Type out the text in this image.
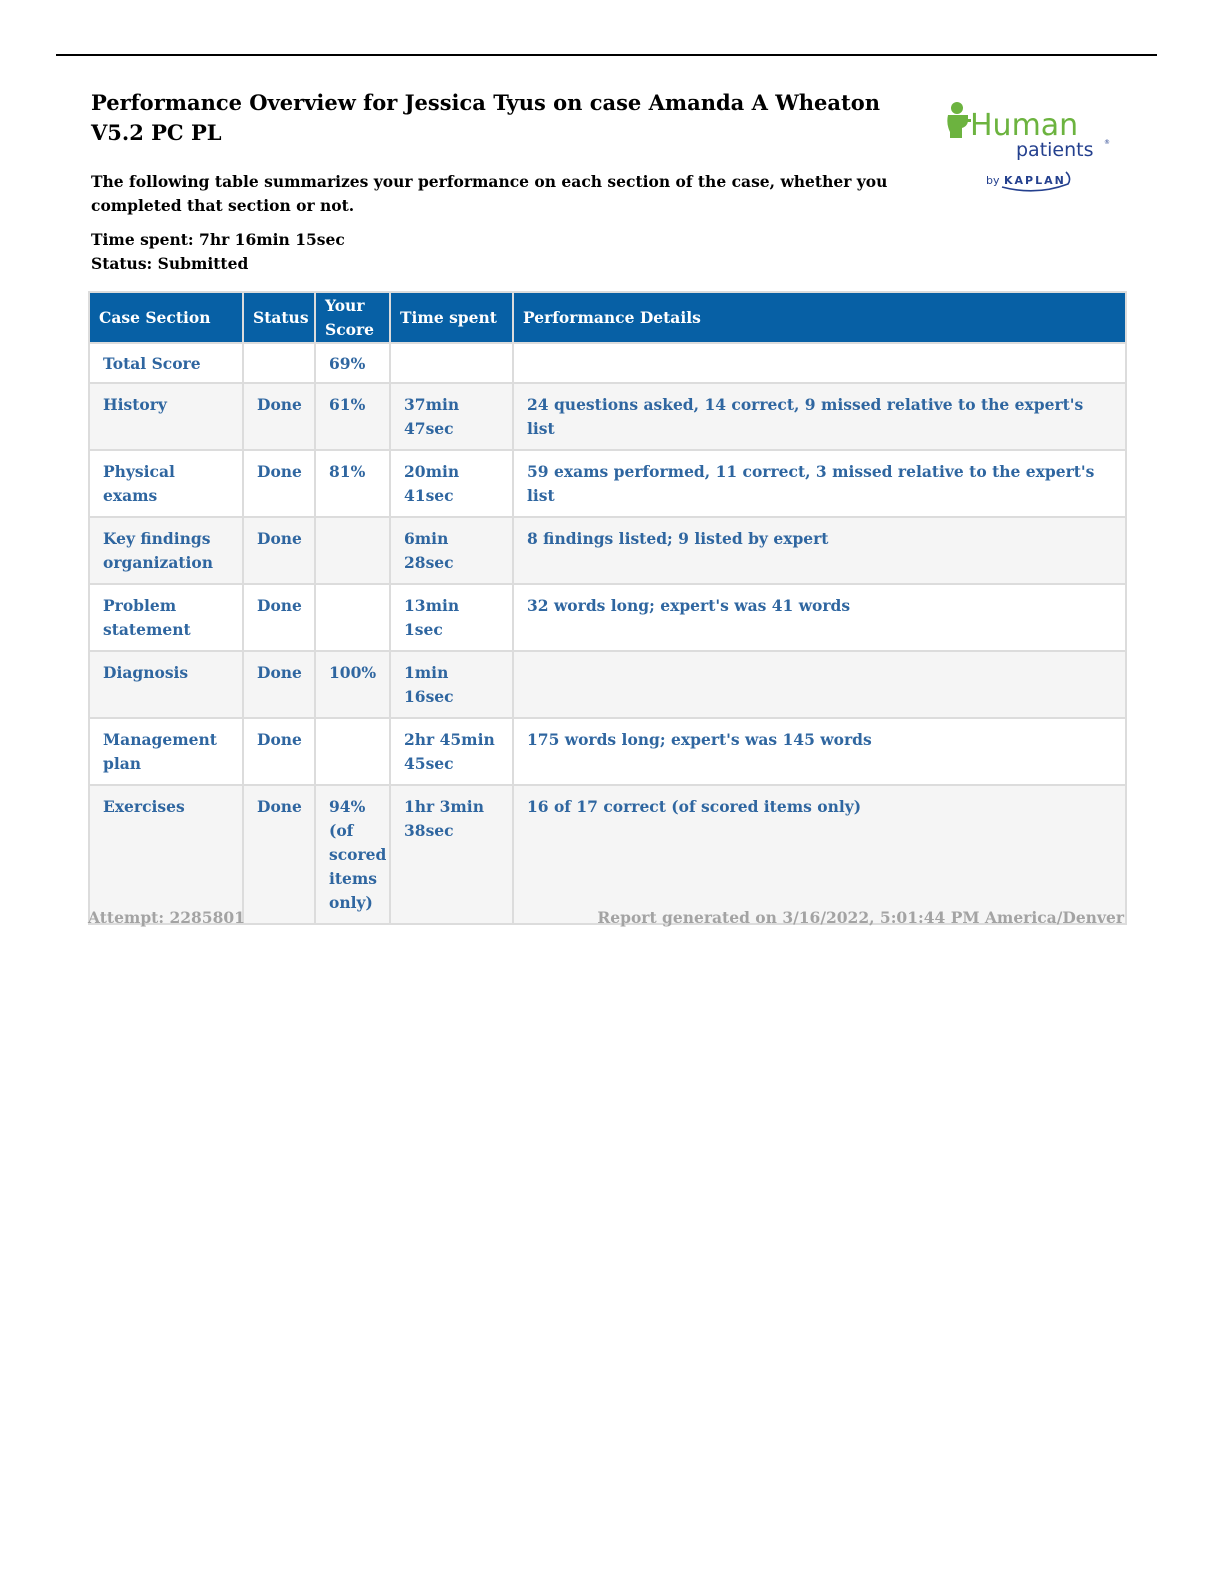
Performance Overview for Jessica Tyus on case Amanda A Wheaton V5.2 PC PL	Human
patients ®
by KAPLAN

The following table summarizes your performance on each section of the case, whether you completed that section or not.

Time spent: 7hr 16min 15sec
Status: Submitted
Case Section	Status	Your Score	Time spent	Performance Details
Total Score		69%		
History	Done	61%	37min 47sec	24 questions asked, 14 correct, 9 missed relative to the expert's list
Physical exams	Done	81%	20min 41sec	59 exams performed, 11 correct, 3 missed relative to the expert's list
Key findings organization	Done		6min 28sec	8 findings listed; 9 listed by expert
Problem statement	Done		13min 1sec	32 words long; expert's was 41 words
Diagnosis	Done	100%	1min 16sec	
Management plan	Done		2hr 45min 45sec	175 words long; expert's was 145 words
Exercises	Done	94% (of scored items only)	1hr 3min 38sec	16 of 17 correct (of scored items only)
Attempt: 2285801	Report generated on 3/16/2022, 5:01:44 PM America/Denver
